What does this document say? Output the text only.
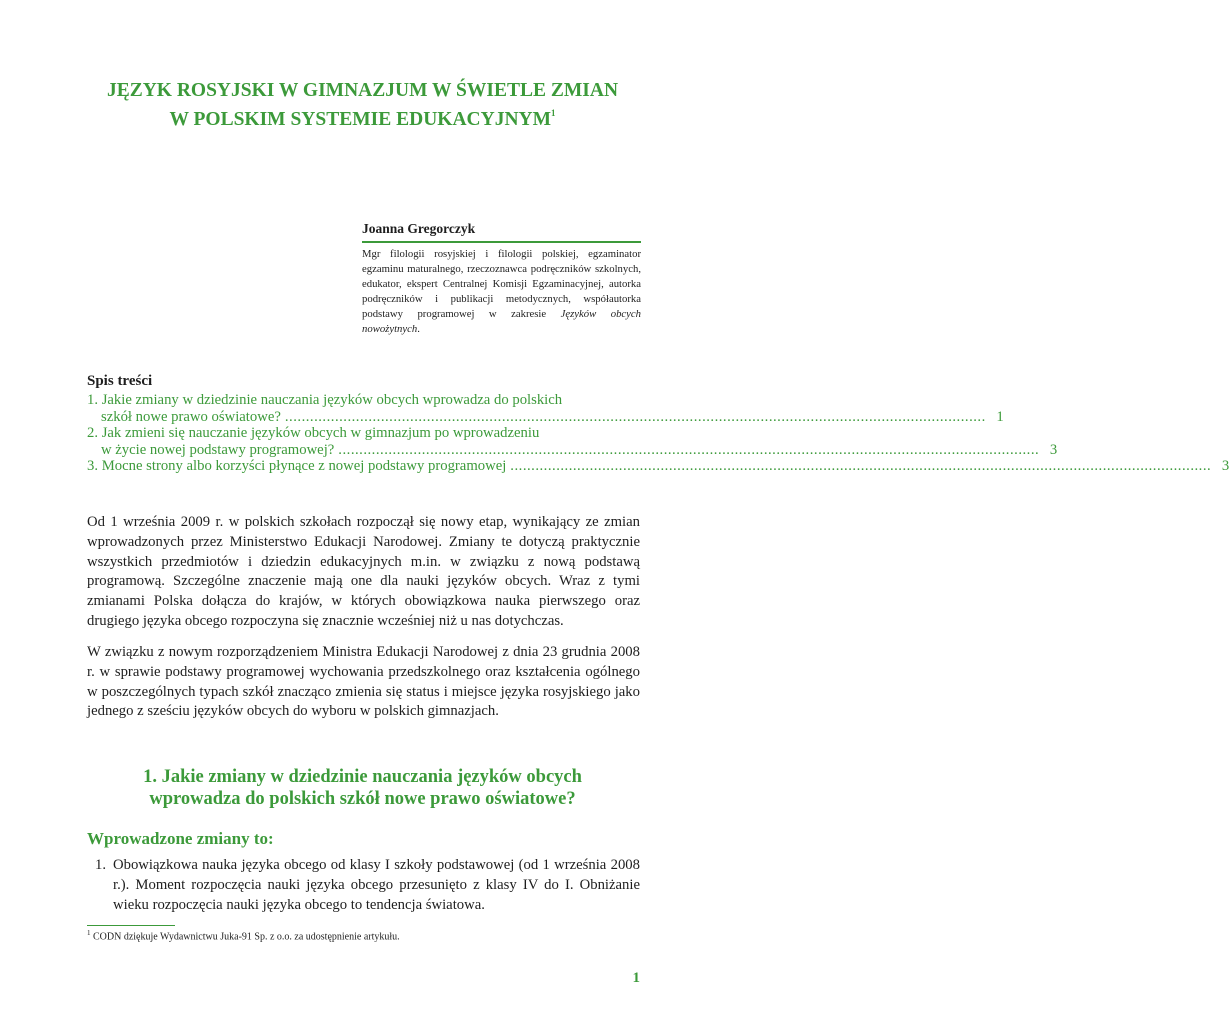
JĘZYK ROSYJSKI W GIMNAZJUM W ŚWIETLE ZMIAN
W POLSKIM SYSTEMIE EDUKACYJNYM$^1$

Joanna Gregorczyk

Mgr filologii rosyjskiej i filologii polskiej, egzaminator egzaminu maturalnego, rzeczoznawca podręczników szkolnych, edukator, ekspert Centralnej Komisji Egzaminacyjnej, autorka podręczników i publikacji metodycznych, współautorka podstawy programowej w zakresie Języków obcych nowożytnych.

Spis treści

1. Jakie zmiany w dziedzinie nauczania języków obcych wprowadza do polskich
szkół nowe prawo oświatowe? ........................................................................................................................................................................ 1
2. Jak zmieni się nauczanie języków obcych w gimnazjum po wprowadzeniu
w życie nowej podstawy programowej? ........................................................................................................................................................................ 3
3. Mocne strony albo korzyści płynące z nowej podstawy programowej ........................................................................................................................................................................ 3

Od 1 września 2009 r. w polskich szkołach rozpoczął się nowy etap, wynikający ze zmian wprowadzonych przez Ministerstwo Edukacji Narodowej. Zmiany te dotyczą praktycznie wszystkich przedmiotów i dziedzin edukacyjnych m.in. w związku z nową podstawą programową. Szczególne znaczenie mają one dla nauki języków obcych. Wraz z tymi zmianami Polska dołącza do krajów, w których obowiązkowa nauka pierwszego oraz drugiego języka obcego rozpoczyna się znacznie wcześniej niż u nas dotychczas.

W związku z nowym rozporządzeniem Ministra Edukacji Narodowej z dnia 23 grudnia 2008 r. w sprawie podstawy programowej wychowania przedszkolnego oraz kształcenia ogólnego w poszczególnych typach szkół znacząco zmienia się status i miejsce języka rosyjskiego jako jednego z sześciu języków obcych do wyboru w polskich gimnazjach.

1. Jakie zmiany w dziedzinie nauczania języków obcych
wprowadza do polskich szkół nowe prawo oświatowe?
Wprowadzone zmiany to:
1. Obowiązkowa nauka języka obcego od klasy I szkoły podstawowej (od 1 września 2008 r.). Moment rozpoczęcia nauki języka obcego przesunięto z klasy IV do I. Obniżanie wieku rozpoczęcia nauki języka obcego to tendencja światowa.

$^1$ CODN dziękuje Wydawnictwu Juka-91 Sp. z o.o. za udostępnienie artykułu.

1
